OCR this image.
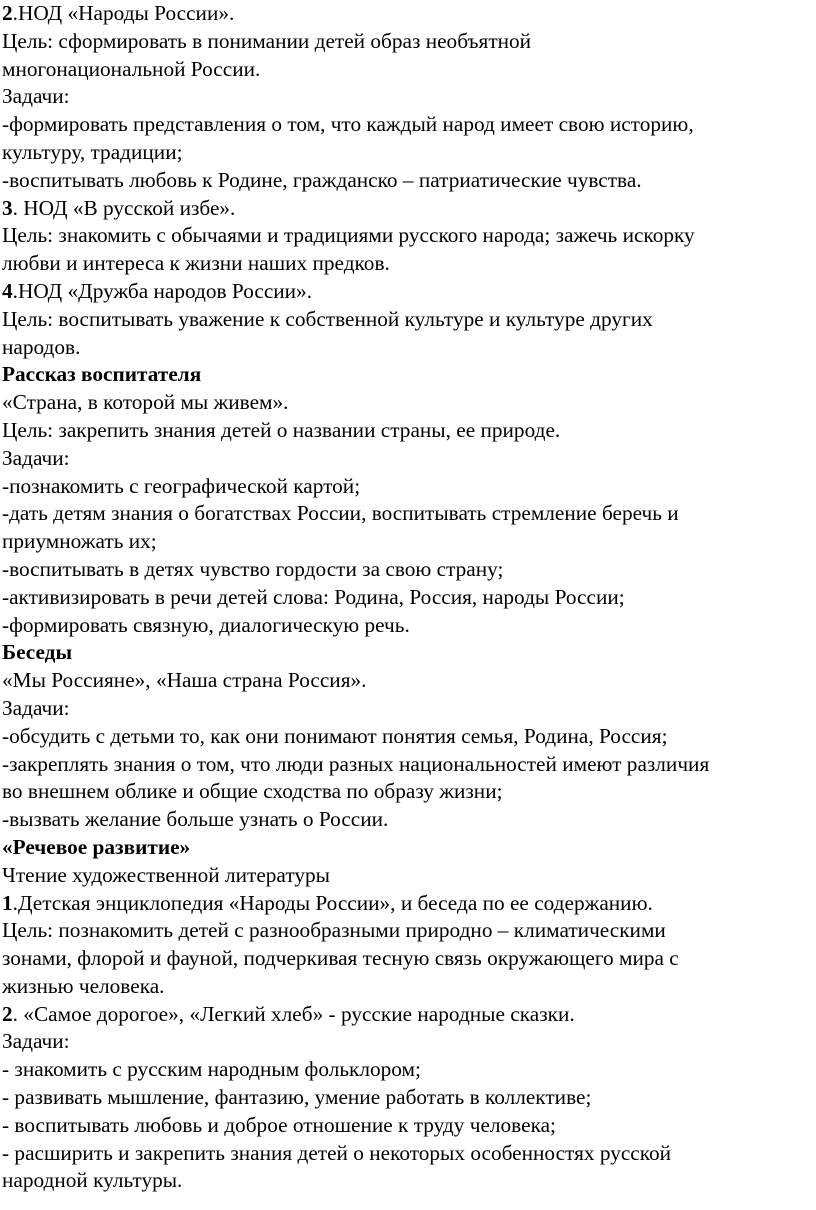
2.НОД «Народы России».

Цель: сформировать в понимании детей образ необъятной

многонациональной России.

Задачи:

-формировать представления о том, что каждый народ имеет свою историю,

культуру, традиции;

-воспитывать любовь к Родине, гражданско – патриатические чувства.

3. НОД «В русской избе».

Цель: знакомить с обычаями и традициями русского народа; зажечь искорку

любви и интереса к жизни наших предков.

4.НОД «Дружба народов России».

Цель: воспитывать уважение к собственной культуре и культуре других

народов.

Рассказ воспитателя

«Страна, в которой мы живем».

Цель: закрепить знания детей о названии страны, ее природе.

Задачи:

-познакомить с географической картой;

-дать детям знания о богатствах России, воспитывать стремление беречь и

приумножать их;

-воспитывать в детях чувство гордости за свою страну;

-активизировать в речи детей слова: Родина, Россия, народы России;

-формировать связную, диалогическую речь.

Беседы

«Мы Россияне», «Наша страна Россия».

Задачи:

-обсудить с детьми то, как они понимают понятия семья, Родина, Россия;

-закреплять знания о том, что люди разных национальностей имеют различия

во внешнем облике и общие сходства по образу жизни;

-вызвать желание больше узнать о России.

«Речевое развитие»

Чтение художественной литературы

1.Детская энциклопедия «Народы России», и беседа по ее содержанию.

Цель: познакомить детей с разнообразными природно – климатическими

зонами, флорой и фауной, подчеркивая тесную связь окружающего мира с

жизнью человека.

2. «Самое дорогое», «Легкий хлеб» - русские народные сказки.

Задачи:

- знакомить с русским народным фольклором;

- развивать мышление, фантазию, умение работать в коллективе;

- воспитывать любовь и доброе отношение к труду человека;

- расширить и закрепить знания детей о некоторых особенностях русской

народной культуры.
